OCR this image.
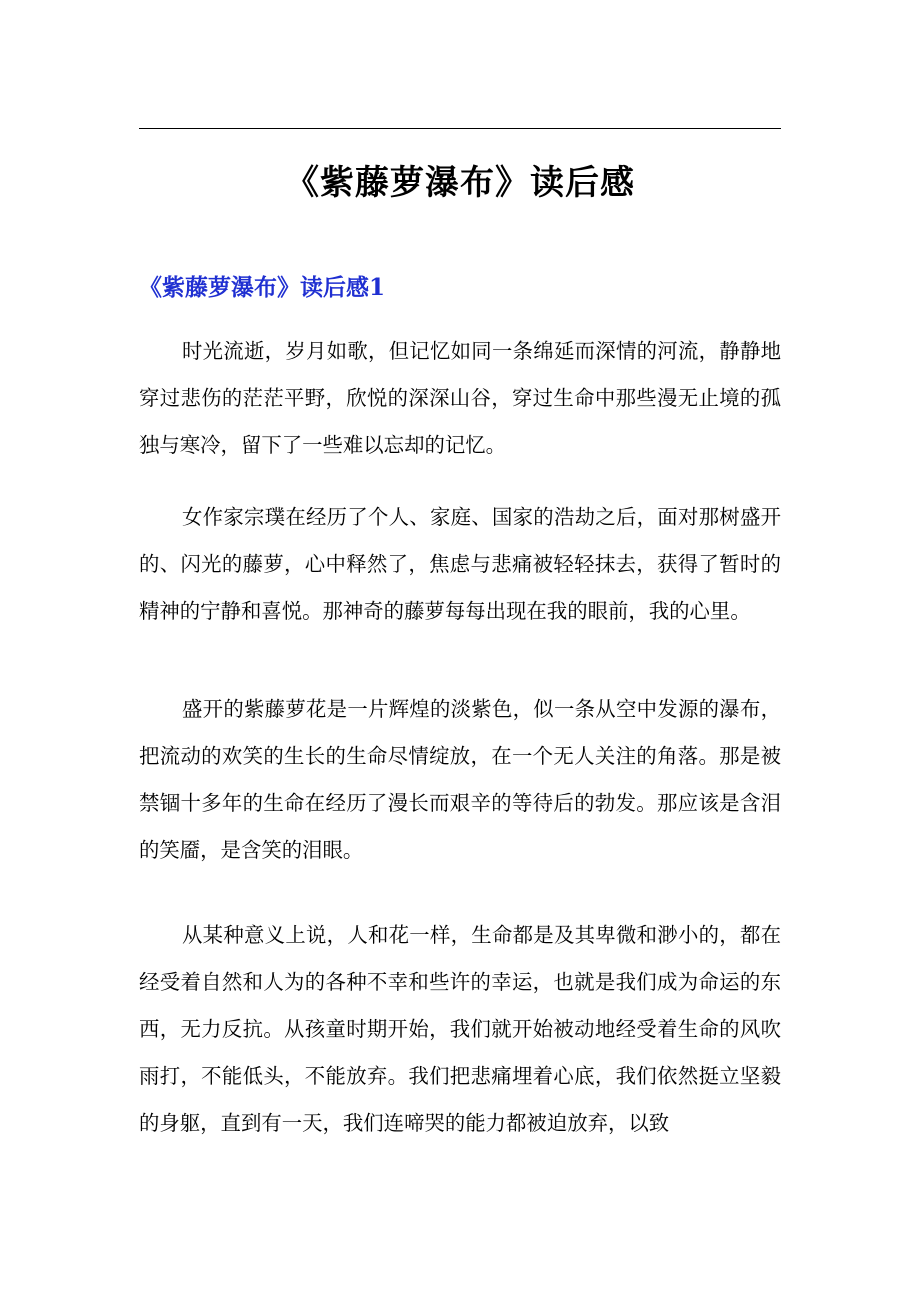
《紫藤萝瀑布》读后感
《紫藤萝瀑布》读后感1

时光流逝，岁月如歌，但记忆如同一条绵延而深情的河流，静静地穿过悲伤的茫茫平野，欣悦的深深山谷，穿过生命中那些漫无止境的孤独与寒冷，留下了一些难以忘却的记忆。

女作家宗璞在经历了个人、家庭、国家的浩劫之后，面对那树盛开的、闪光的藤萝，心中释然了，焦虑与悲痛被轻轻抹去，获得了暂时的精神的宁静和喜悦。那神奇的藤萝每每出现在我的眼前，我的心里。

盛开的紫藤萝花是一片辉煌的淡紫色，似一条从空中发源的瀑布，把流动的欢笑的生长的生命尽情绽放，在一个无人关注的角落。那是被禁锢十多年的生命在经历了漫长而艰辛的等待后的勃发。那应该是含泪的笑靥，是含笑的泪眼。

从某种意义上说，人和花一样，生命都是及其卑微和渺小的，都在经受着自然和人为的各种不幸和些许的幸运，也就是我们成为命运的东西，无力反抗。从孩童时期开始，我们就开始被动地经受着生命的风吹雨打，不能低头，不能放弃。我们把悲痛埋着心底，我们依然挺立坚毅的身躯，直到有一天，我们连啼哭的能力都被迫放弃，以致
